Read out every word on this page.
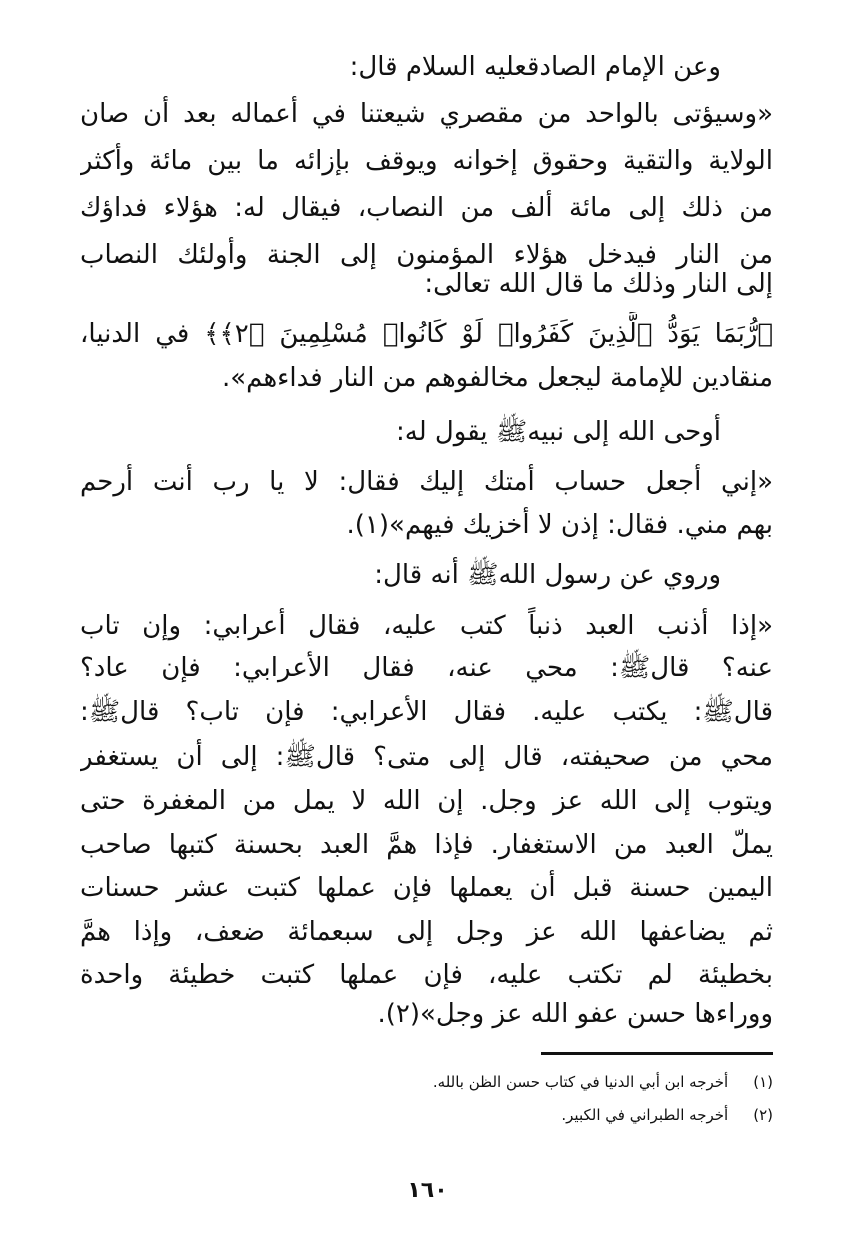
وعن الإمام الصادقعليه السلام قال:
«وسيؤتى بالواحد من مقصري شيعتنا في أعماله بعد أن صان
الولاية والتقية وحقوق إخوانه ويوقف بإزائه ما بين مائة وأكثر
من ذلك إلى مائة ألف من النصاب، فيقال له: هؤلاء فداؤك
من النار فيدخل هؤلاء المؤمنون إلى الجنة وأولئك النصاب
إلى النار وذلك ما قال الله تعالى:
﴿رُّبَمَا يَوَدُّ ٱلَّذِينَ كَفَرُوا۟ لَوْ كَانُوا۟ مُسْلِمِينَ ﴿٢﴾﴾ في الدنيا،
منقادين للإمامة ليجعل مخالفوهم من النار فداءهم».
أوحى الله إلى نبيهﷺ يقول له:
«إني أجعل حساب أمتك إليك فقال: لا يا رب أنت أرحم
بهم مني. فقال: إذن لا أخزيك فيهم»(١).
وروي عن رسول اللهﷺ أنه قال:
«إذا أذنب العبد ذنباً كتب عليه، فقال أعرابي: وإن تاب
عنه؟ قالﷺ: محي عنه، فقال الأعرابي: فإن عاد؟
قالﷺ: يكتب عليه. فقال الأعرابي: فإن تاب؟ قالﷺ:
محي من صحيفته، قال إلى متى؟ قالﷺ: إلى أن يستغفر
ويتوب إلى الله عز وجل. إن الله لا يمل من المغفرة حتى
يملّ العبد من الاستغفار. فإذا همَّ العبد بحسنة كتبها صاحب
اليمين حسنة قبل أن يعملها فإن عملها كتبت عشر حسنات
ثم يضاعفها الله عز وجل إلى سبعمائة ضعف، وإذا همَّ
بخطيئة لم تكتب عليه، فإن عملها كتبت خطيئة واحدة
ووراءها حسن عفو الله عز وجل»(٢).
(١) أخرجه ابن أبي الدنيا في كتاب حسن الظن بالله.
(٢) أخرجه الطبراني في الكبير.
١٦٠
